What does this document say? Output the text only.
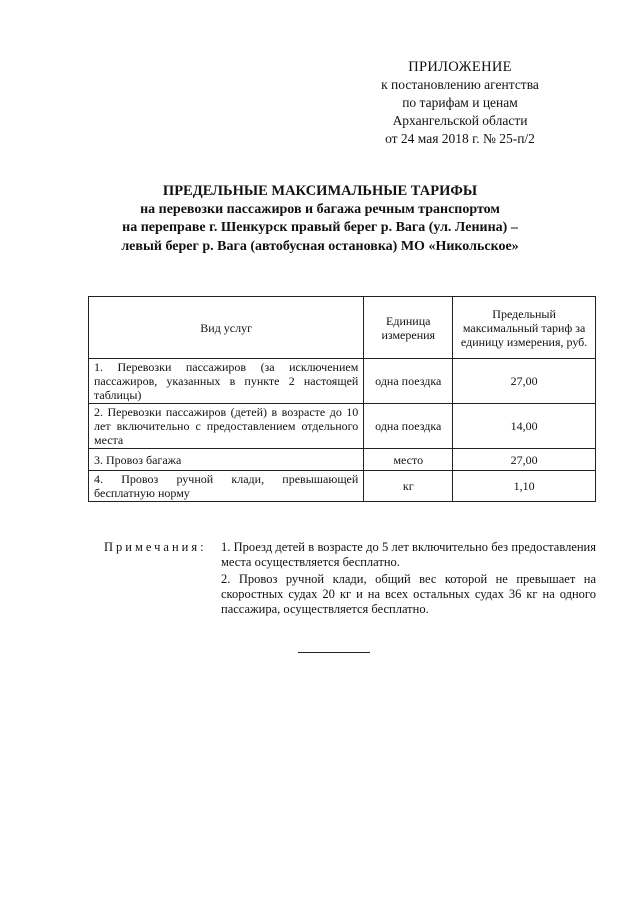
ПРИЛОЖЕНИЕ
к постановлению агентства
по тарифам и ценам
Архангельской области
от 24 мая 2018 г. № 25-п/2
ПРЕДЕЛЬНЫЕ МАКСИМАЛЬНЫЕ ТАРИФЫ
на перевозки пассажиров и багажа речным транспортом
на переправе г. Шенкурск правый берег р. Вага (ул. Ленина) –
левый берег р. Вага (автобусная остановка) МО «Никольское»
Вид услуг	Единица измерения	Предельный максимальный тариф за единицу измерения, руб.
1. Перевозки пассажиров (за исключением пассажиров, указанных в пункте 2 настоящей таблицы)	одна поездка	27,00
2. Перевозки пассажиров (детей) в возрасте до 10 лет включительно с предоставлением отдельного места	одна поездка	14,00
3. Провоз багажа	место	27,00
4. Провоз ручной клади, превышающей бесплатную норму	кг	1,10
Примечания: 1. Проезд детей в возрасте до 5 лет включительно без предоставления места осуществляется бесплатно.
2. Провоз ручной клади, общий вес которой не превышает на скоростных судах 20 кг и на всех остальных судах 36 кг на одного пассажира, осуществляется бесплатно.
